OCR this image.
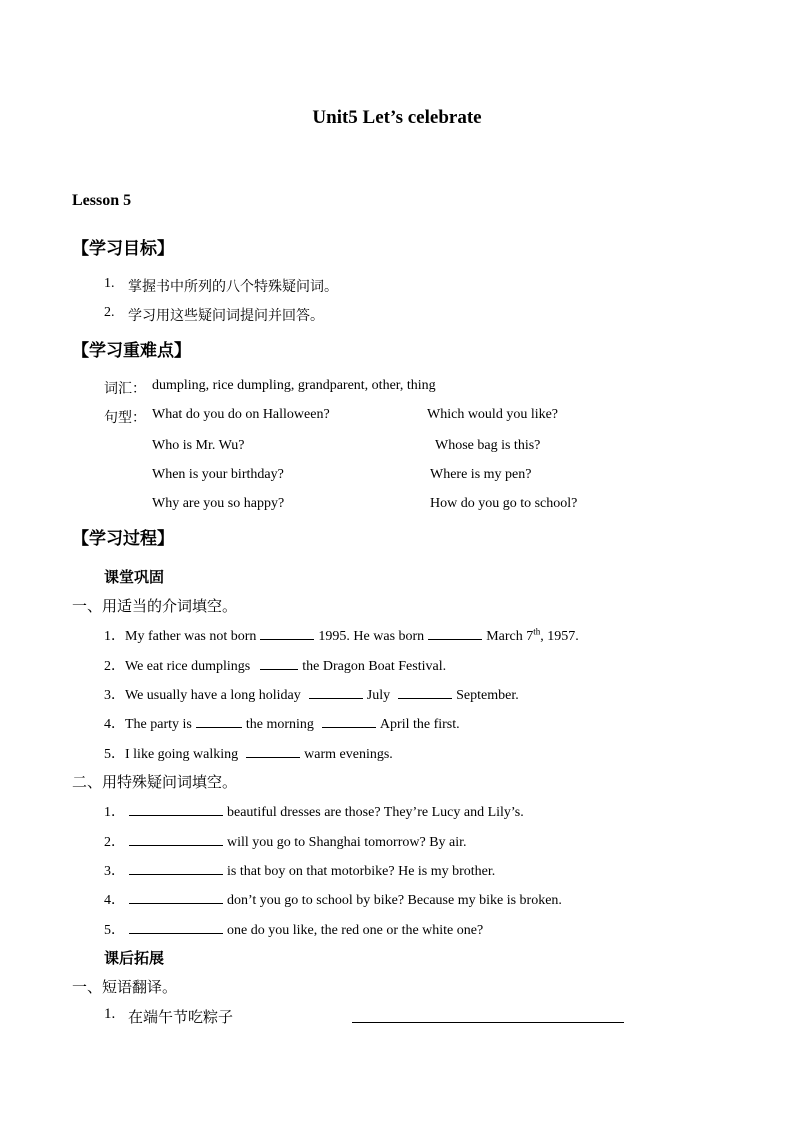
Unit5 Let’s celebrate
Lesson 5
【学习目标】
1. 掌握书中所列的八个特殊疑问词。
2. 学习用这些疑问词提问并回答。
【学习重难点】
词汇： dumpling, rice dumpling, grandparent, other, thing
句型： What do you do on Halloween?	Which would you like?
Who is Mr. Wu?	Whose bag is this?
When is your birthday?	Where is my pen?
Why are you so happy?	How do you go to school?
【学习过程】
课堂巩固
一、用适当的介词填空。
1．My father was not born	1995. He was born	March 7th, 1957.
2．We eat rice dumplings	the Dragon Boat Festival.
3．We usually have a long holiday	July	September.
4．The party is	the morning	April the first.
5．I like going walking	warm evenings.
二、用特殊疑问词填空。
1．	beautiful dresses are those? They’re Lucy and Lily’s.
2．	will you go to Shanghai tomorrow? By air.
3．	is that boy on that motorbike? He is my brother.
4．	don’t you go to school by bike? Because my bike is broken.
5．	one do you like, the red one or the white one?
课后拓展
一、短语翻译。
1. 在端午节吃粽子
